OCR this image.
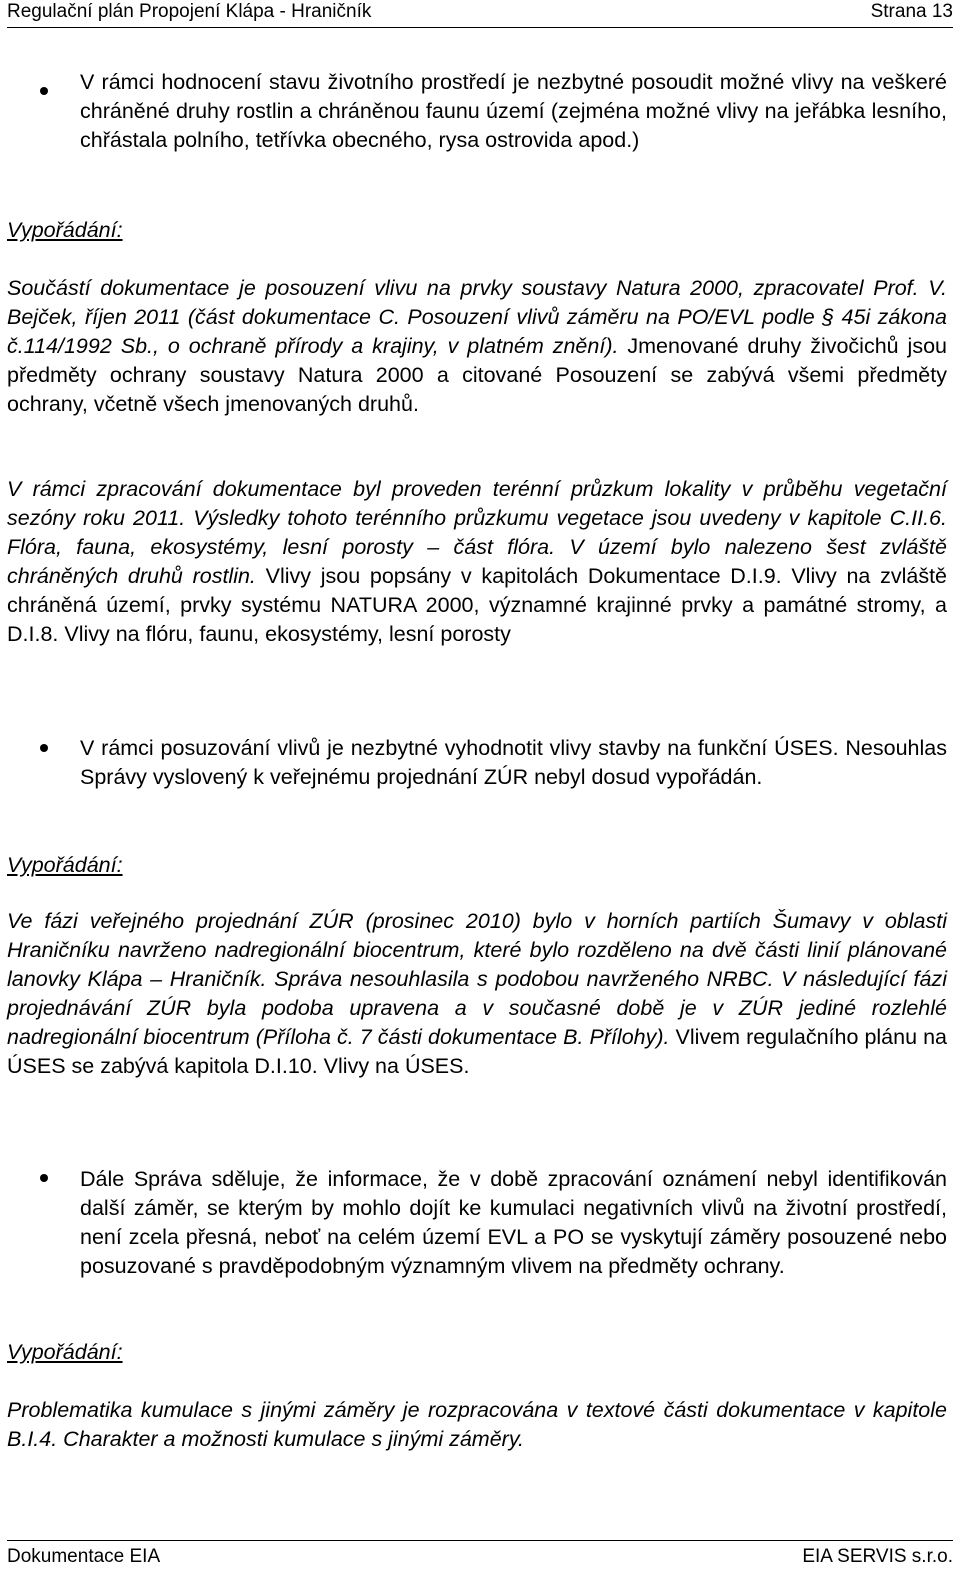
Regulační plán Propojení Klápa - Hraničník	Strana 13
V rámci hodnocení stavu životního prostředí je nezbytné posoudit možné vlivy na veškeré chráněné druhy rostlin a chráněnou faunu území (zejména možné vlivy na jeřábka lesního, chřástala polního, tetřívka obecného, rysa ostrovida apod.)
Vypořádání:
Součástí dokumentace je posouzení vlivu na prvky soustavy Natura 2000, zpracovatel Prof. V. Bejček, říjen 2011 (část dokumentace C. Posouzení vlivů záměru na PO/EVL podle § 45i zákona č.114/1992 Sb., o ochraně přírody a krajiny, v platném znění). Jmenované druhy živočichů jsou předměty ochrany soustavy Natura 2000 a citované Posouzení se zabývá všemi předměty ochrany, včetně všech jmenovaných druhů.
V rámci zpracování dokumentace byl proveden terénní průzkum lokality v průběhu vegetační sezóny roku 2011. Výsledky tohoto terénního průzkumu vegetace jsou uvedeny v kapitole C.II.6. Flóra, fauna, ekosystémy, lesní porosty – část flóra. V území bylo nalezeno šest zvláště chráněných druhů rostlin. Vlivy jsou popsány v kapitolách Dokumentace D.I.9. Vlivy na zvláště chráněná území, prvky systému NATURA 2000, významné krajinné prvky a památné stromy, a D.I.8. Vlivy na flóru, faunu, ekosystémy, lesní porosty
V rámci posuzování vlivů je nezbytné vyhodnotit vlivy stavby na funkční ÚSES. Nesouhlas Správy vyslovený k veřejnému projednání ZÚR nebyl dosud vypořádán.
Vypořádání:
Ve fázi veřejného projednání ZÚR (prosinec 2010) bylo v horních partiích Šumavy v oblasti Hraničníku navrženo nadregionální biocentrum, které bylo rozděleno na dvě části linií plánované lanovky Klápa – Hraničník. Správa nesouhlasila s podobou navrženého NRBC. V následující fázi projednávání ZÚR byla podoba upravena a v současné době je v ZÚR jediné rozlehlé nadregionální biocentrum (Příloha č. 7 části dokumentace B. Přílohy). Vlivem regulačního plánu na ÚSES se zabývá kapitola D.I.10. Vlivy na ÚSES.
Dále Správa sděluje, že informace, že v době zpracování oznámení nebyl identifikován další záměr, se kterým by mohlo dojít ke kumulaci negativních vlivů na životní prostředí, není zcela přesná, neboť na celém území EVL a PO se vyskytují záměry posouzené nebo posuzované s pravděpodobným významným vlivem na předměty ochrany.
Vypořádání:
Problematika kumulace s jinými záměry je rozpracována v textové části dokumentace v kapitole B.I.4. Charakter a možnosti kumulace s jinými záměry.
Dokumentace EIA	EIA SERVIS s.r.o.
